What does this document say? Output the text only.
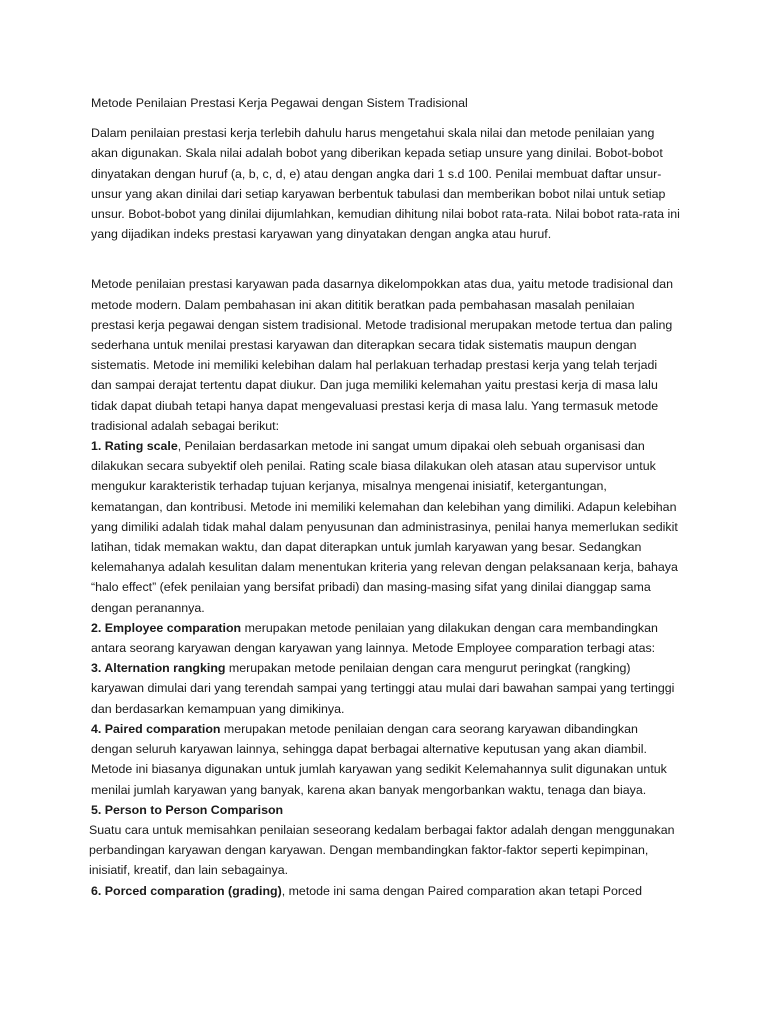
Metode Penilaian Prestasi Kerja Pegawai dengan Sistem Tradisional

Dalam penilaian prestasi kerja terlebih dahulu harus mengetahui skala nilai dan metode penilaian yang akan digunakan. Skala nilai adalah bobot yang diberikan kepada setiap unsure yang dinilai. Bobot-bobot dinyatakan dengan huruf (a, b, c, d, e) atau dengan angka dari 1 s.d 100. Penilai membuat daftar unsur-unsur yang akan dinilai dari setiap karyawan berbentuk tabulasi dan memberikan bobot nilai untuk setiap unsur. Bobot-bobot yang dinilai dijumlahkan, kemudian dihitung nilai bobot rata-rata. Nilai bobot rata-rata ini yang dijadikan indeks prestasi karyawan yang dinyatakan dengan angka atau huruf.

Metode penilaian prestasi karyawan pada dasarnya dikelompokkan atas dua, yaitu metode tradisional dan metode modern. Dalam pembahasan ini akan dititik beratkan pada pembahasan masalah penilaian prestasi kerja pegawai dengan sistem tradisional. Metode tradisional merupakan metode tertua dan paling sederhana untuk menilai prestasi karyawan dan diterapkan secara tidak sistematis maupun dengan sistematis. Metode ini memiliki kelebihan dalam hal perlakuan terhadap prestasi kerja yang telah terjadi dan sampai derajat tertentu dapat diukur. Dan juga memiliki kelemahan yaitu prestasi kerja di masa lalu tidak dapat diubah tetapi hanya dapat mengevaluasi prestasi kerja di masa lalu. Yang termasuk metode tradisional adalah sebagai berikut:

1. Rating scale, Penilaian berdasarkan metode ini sangat umum dipakai oleh sebuah organisasi dan dilakukan secara subyektif oleh penilai. Rating scale biasa dilakukan oleh atasan atau supervisor untuk mengukur karakteristik terhadap tujuan kerjanya, misalnya mengenai inisiatif, ketergantungan, kematangan, dan kontribusi. Metode ini memiliki kelemahan dan kelebihan yang dimiliki. Adapun kelebihan yang dimiliki adalah tidak mahal dalam penyusunan dan administrasinya, penilai hanya memerlukan sedikit latihan, tidak memakan waktu, dan dapat diterapkan untuk jumlah karyawan yang besar. Sedangkan kelemahanya adalah kesulitan dalam menentukan kriteria yang relevan dengan pelaksanaan kerja, bahaya “halo effect” (efek penilaian yang bersifat pribadi) dan masing-masing sifat yang dinilai dianggap sama dengan peranannya.

2. Employee comparation merupakan metode penilaian yang dilakukan dengan cara membandingkan antara seorang karyawan dengan karyawan yang lainnya. Metode Employee comparation terbagi atas:

3. Alternation rangking merupakan metode penilaian dengan cara mengurut peringkat (rangking) karyawan dimulai dari yang terendah sampai yang tertinggi atau mulai dari bawahan sampai yang tertinggi dan berdasarkan kemampuan yang dimikinya.

4. Paired comparation merupakan metode penilaian dengan cara seorang karyawan dibandingkan dengan seluruh karyawan lainnya, sehingga dapat berbagai alternative keputusan yang akan diambil. Metode ini biasanya digunakan untuk jumlah karyawan yang sedikit Kelemahannya sulit digunakan untuk menilai jumlah karyawan yang banyak, karena akan banyak mengorbankan waktu, tenaga dan biaya.

5. Person to Person Comparison

Suatu cara untuk memisahkan penilaian seseorang kedalam berbagai faktor adalah dengan menggunakan perbandingan karyawan dengan karyawan. Dengan membandingkan faktor-faktor seperti kepimpinan, inisiatif, kreatif, dan lain sebagainya.

6. Porced comparation (grading), metode ini sama dengan Paired comparation akan tetapi Porced
